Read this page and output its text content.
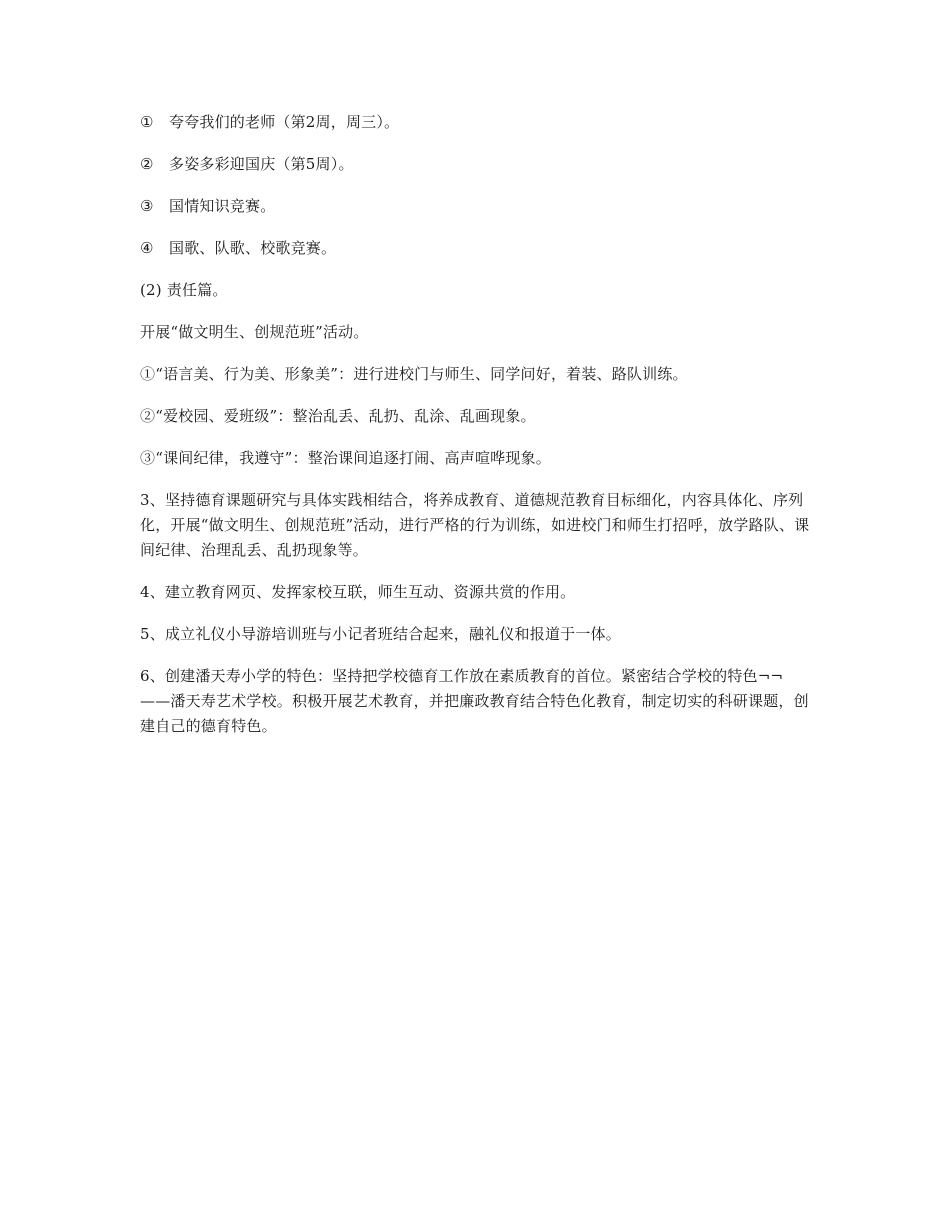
① 夸夸我们的老师（第2周，周三）。

② 多姿多彩迎国庆（第5周）。

③ 国情知识竞赛。

④ 国歌、队歌、校歌竞赛。

(2) 责任篇。

开展“做文明生、创规范班”活动。

①“语言美、行为美、形象美”：进行进校门与师生、同学问好，着装、路队训练。

②“爱校园、爱班级”：整治乱丢、乱扔、乱涂、乱画现象。

③“课间纪律，我遵守”：整治课间追逐打闹、高声喧哗现象。

3、坚持德育课题研究与具体实践相结合，将养成教育、道德规范教育目标细化，内容具体化、序列化，开展“做文明生、创规范班”活动，进行严格的行为训练，如进校门和师生打招呼，放学路队、课间纪律、治理乱丢、乱扔现象等。

4、建立教育网页、发挥家校互联，师生互动、资源共赏的作用。

5、成立礼仪小导游培训班与小记者班结合起来，融礼仪和报道于一体。

6、创建潘天寿小学的特色：坚持把学校德育工作放在素质教育的首位。紧密结合学校的特色¬¬——潘天寿艺术学校。积极开展艺术教育，并把廉政教育结合特色化教育，制定切实的科研课题，创建自己的德育特色。
